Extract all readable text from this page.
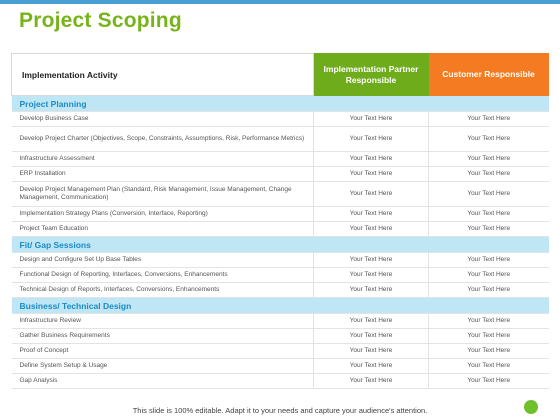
Project Scoping
Implementation Activity	Implementation Partner Responsible	Customer Responsible
Project Planning		
Develop Business Case	Your Text Here	Your Text Here
Develop Project Charter (Objectives, Scope, Constraints, Assumptions, Risk, Performance Metrics)	Your Text Here	Your Text Here
Infrastructure Assessment	Your Text Here	Your Text Here
ERP Installation	Your Text Here	Your Text Here
Develop Project Management Plan (Standard, Risk Management, Issue Management, Change Management, Communication)	Your Text Here	Your Text Here
Implementation Strategy Plans (Conversion, Interface, Reporting)	Your Text Here	Your Text Here
Project Team Education	Your Text Here	Your Text Here
Fit/ Gap Sessions		
Design and Configure Set Up Base Tables	Your Text Here	Your Text Here
Functional Design of Reporting, Interfaces, Conversions, Enhancements	Your Text Here	Your Text Here
Technical Design of Reports, Interfaces, Conversions, Enhancements	Your Text Here	Your Text Here
Business/ Technical Design		
Infrastructure Review	Your Text Here	Your Text Here
Gather Business Requirements	Your Text Here	Your Text Here
Proof of Concept	Your Text Here	Your Text Here
Define System Setup & Usage	Your Text Here	Your Text Here
Gap Analysis	Your Text Here	Your Text Here
This slide is 100% editable. Adapt it to your needs and capture your audience's attention.
